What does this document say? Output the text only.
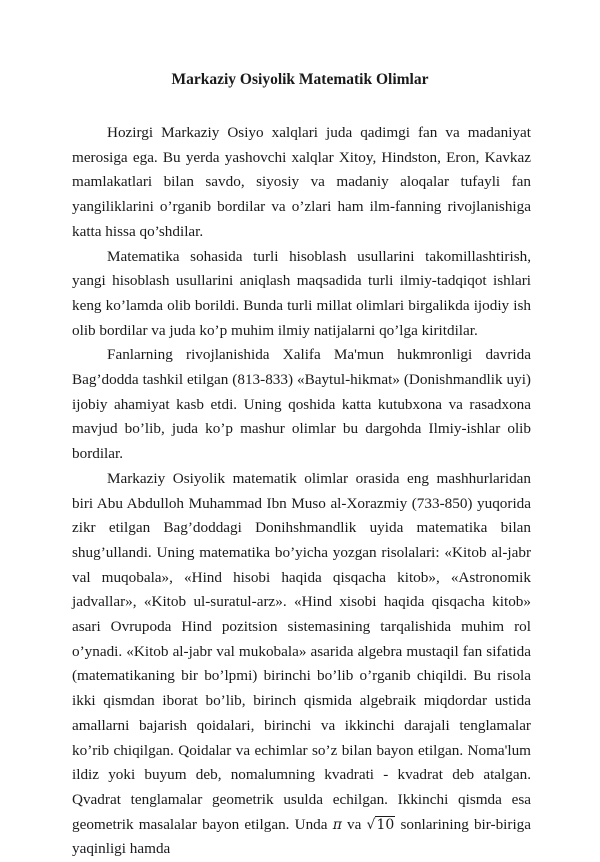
Markaziy Osiyolik Matematik Olimlar

Hozirgi Markaziy Osiyo xalqlari juda qadimgi fan va madaniyat merosiga ega. Bu yerda yashovchi xalqlar Xitoy, Hindston, Eron, Kavkaz mamlakatlari bilan savdo, siyosiy va madaniy aloqalar tufayli fan yangiliklarini o’rganib bordilar va o’zlari ham ilm-fanning rivojlanishiga katta hissa qo’shdilar.

Matematika sohasida turli hisoblash usullarini takomillashtirish, yangi hisoblash usullarini aniqlash maqsadida turli ilmiy-tadqiqot ishlari keng ko’lamda olib borildi. Bunda turli millat olimlari birgalikda ijodiy ish olib bordilar va juda ko’p muhim ilmiy natijalarni qo’lga kiritdilar.

Fanlarning rivojlanishida Xalifa Ma'mun hukmronligi davrida Bag’dodda tashkil etilgan (813-833) «Baytul-hikmat» (Donishmandlik uyi) ijobiy ahamiyat kasb etdi. Uning qoshida katta kutubxona va rasadxona mavjud bo’lib, juda ko’p mashur olimlar bu dargohda Ilmiy-ishlar olib bordilar.

Markaziy Osiyolik matematik olimlar orasida eng mashhurlaridan biri Abu Abdulloh Muhammad Ibn Muso al-Xorazmiy (733-850) yuqorida zikr etilgan Bag’doddagi Donihshmandlik uyida matematika bilan shug’ullandi. Uning matematika bo’yicha yozgan risolalari: «Kitob al-jabr val muqobala», «Hind hisobi haqida qisqacha kitob», «Astronomik jadvallar», «Kitob ul-suratul-arz». «Hind xisobi haqida qisqacha kitob» asari Ovrupoda Hind pozitsion sistemasining tarqalishida muhim rol o’ynadi. «Kitob al-jabr val mukobala» asarida algebra mustaqil fan sifatida (matematikaning bir bo’lpmi) birinchi bo’lib o’rganib chiqildi. Bu risola ikki qismdan iborat bo’lib, birinch qismida algebraik miqdordar ustida amallarni bajarish qoidalari, birinchi va ikkinchi darajali tenglamalar ko’rib chiqilgan. Qoidalar va echimlar so’z bilan bayon etilgan. Noma'lum ildiz yoki buyum deb, nomalumning kvadrati - kvadrat deb atalgan. Qvadrat tenglamalar geometrik usulda echilgan. Ikkinchi qismda esa geometrik masalalar bayon etilgan. Unda π va √10 sonlarining bir-biriga yaqinligi hamda
